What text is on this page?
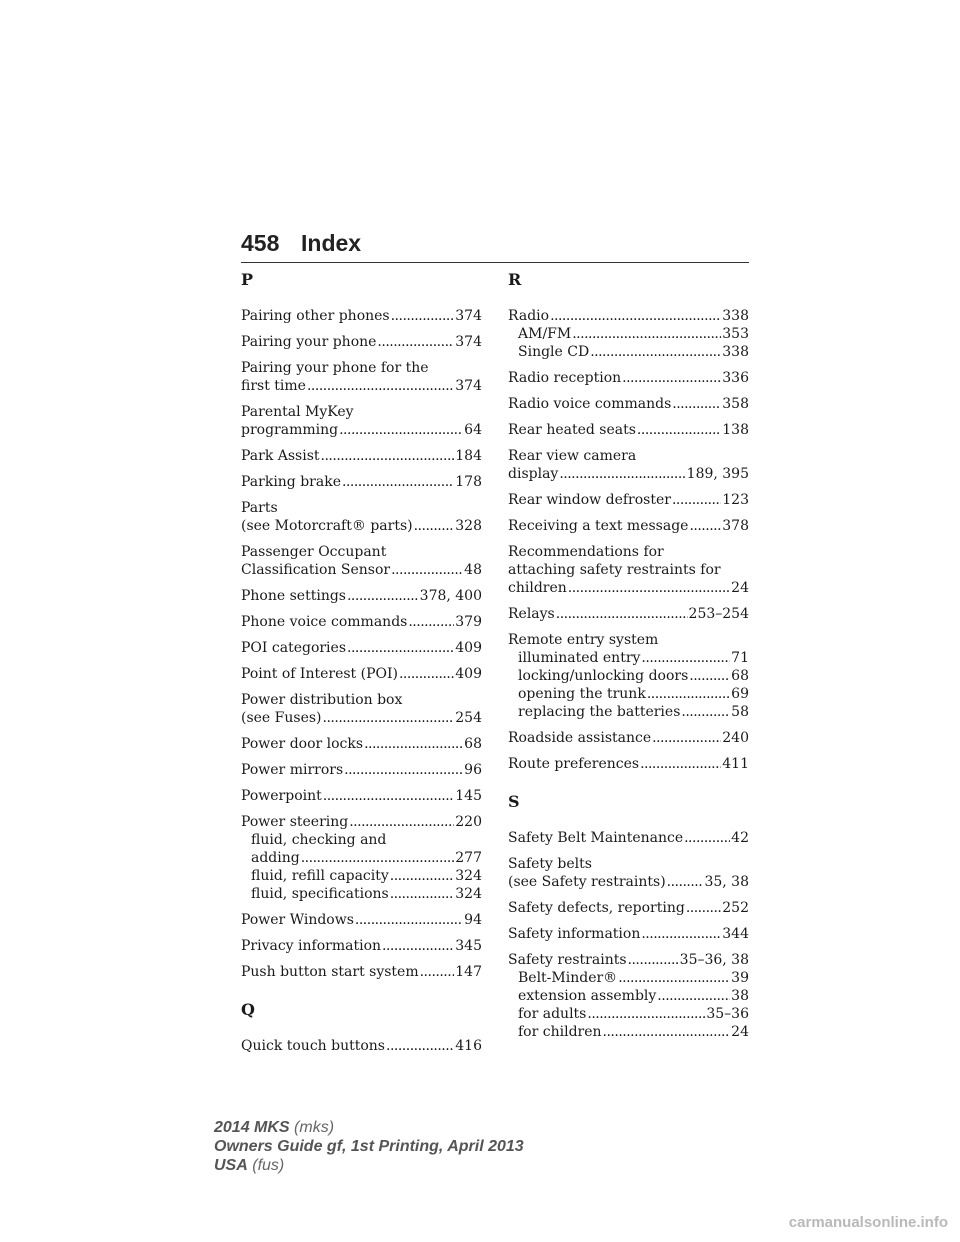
458 Index
P
Pairing other phones .....	374
Pairing your phone .....	374
Pairing your phone for the
first time .....	374
Parental MyKey
programming .....	64
Park Assist .....	184
Parking brake .....	178
Parts
(see Motorcraft® parts) .....	328
Passenger Occupant
Classification Sensor .....	48
Phone settings .....	378, 400
Phone voice commands .....	379
POI categories .....	409
Point of Interest (POI) .....	409
Power distribution box
(see Fuses) .....	254
Power door locks .....	68
Power mirrors .....	96
Powerpoint .....	145
Power steering .....	220
fluid, checking and
adding .....	277
fluid, refill capacity .....	324
fluid, specifications .....	324
Power Windows .....	94
Privacy information .....	345
Push button start system .....	147
Q
Quick touch buttons .....	416
R
Radio .....	338
AM/FM .....	353
Single CD .....	338
Radio reception .....	336
Radio voice commands .....	358
Rear heated seats .....	138
Rear view camera
display .....	189, 395
Rear window defroster .....	123
Receiving a text message ..... 378
Recommendations for
attaching safety restraints for
children .....	24
Relays .....	253–254
Remote entry system
illuminated entry .....	71
locking/unlocking doors .....	68
opening the trunk .....	69
replacing the batteries .....	58
Roadside assistance .....	240
Route preferences .....	411
S
Safety Belt Maintenance .....	42
Safety belts
(see Safety restraints) .....	35, 38
Safety defects, reporting .....	252
Safety information .....	344
Safety restraints .....	35–36, 38
Belt-Minder® .....	39
extension assembly .....	38
for adults .....	35–36
for children .....	24
2014 MKS (mks)
Owners Guide gf, 1st Printing, April 2013
USA (fus)
carmanualsonline.info
